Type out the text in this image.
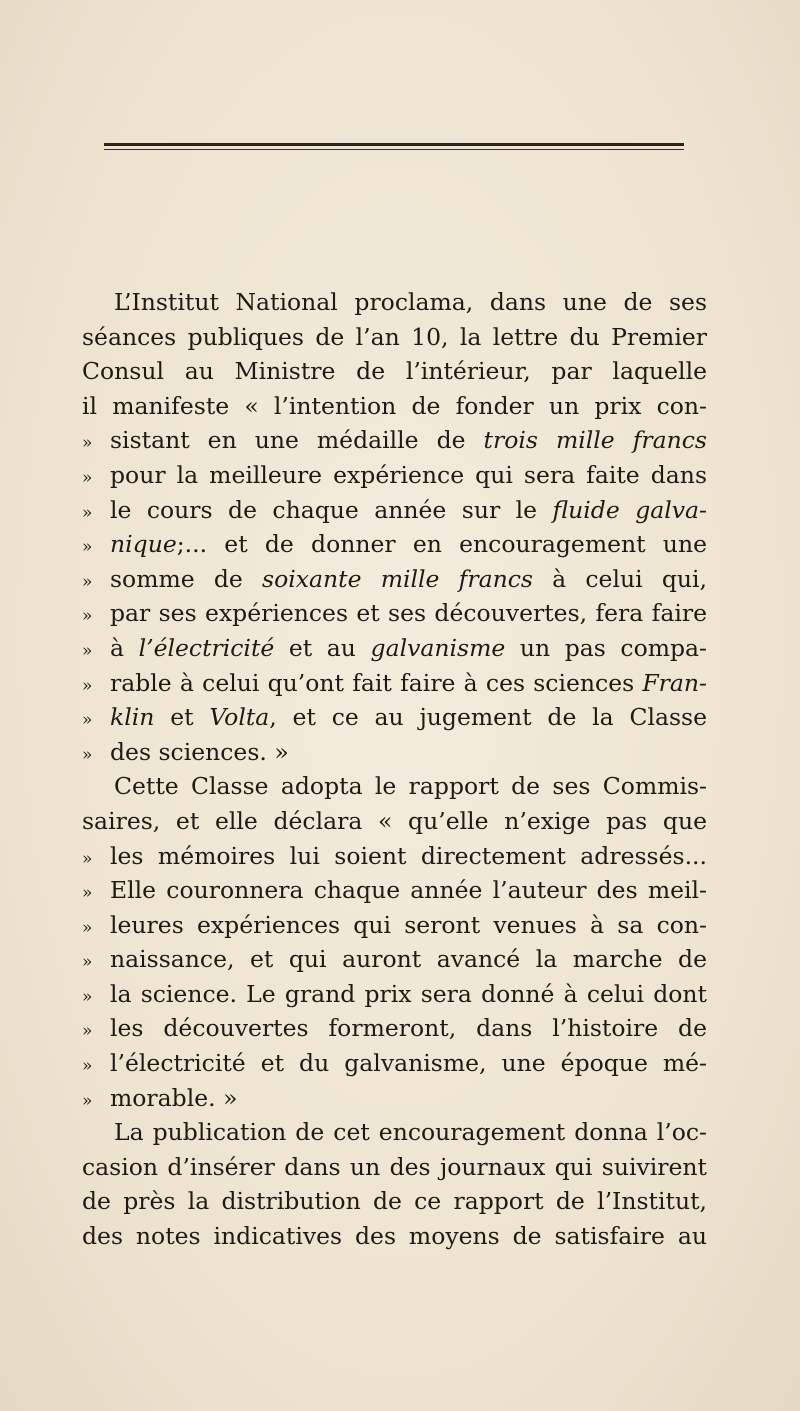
L’Institut National proclama, dans une de ses
séances publiques de l’an 10, la lettre du Premier
Consul au Ministre de l’intérieur, par laquelle
il manifeste « l’intention de fonder un prix con-
» sistant en une médaille de trois mille francs
» pour la meilleure expérience qui sera faite dans
» le cours de chaque année sur le fluide galva-
» nique;... et de donner en encouragement une
» somme de soixante mille francs à celui qui,
» par ses expériences et ses découvertes, fera faire
» à l’électricité et au galvanisme un pas compa-
» rable à celui qu’ont fait faire à ces sciences Fran-
» klin et Volta, et ce au jugement de la Classe
» des sciences. »
Cette Classe adopta le rapport de ses Commis-
saires, et elle déclara « qu’elle n’exige pas que
» les mémoires lui soient directement adressés...
» Elle couronnera chaque année l’auteur des meil-
» leures expériences qui seront venues à sa con-
» naissance, et qui auront avancé la marche de
» la science. Le grand prix sera donné à celui dont
» les découvertes formeront, dans l’histoire de
» l’électricité et du galvanisme, une époque mé-
» morable. »
La publication de cet encouragement donna l’oc-
casion d’insérer dans un des journaux qui suivirent
de près la distribution de ce rapport de l’Institut,
des notes indicatives des moyens de satisfaire au
